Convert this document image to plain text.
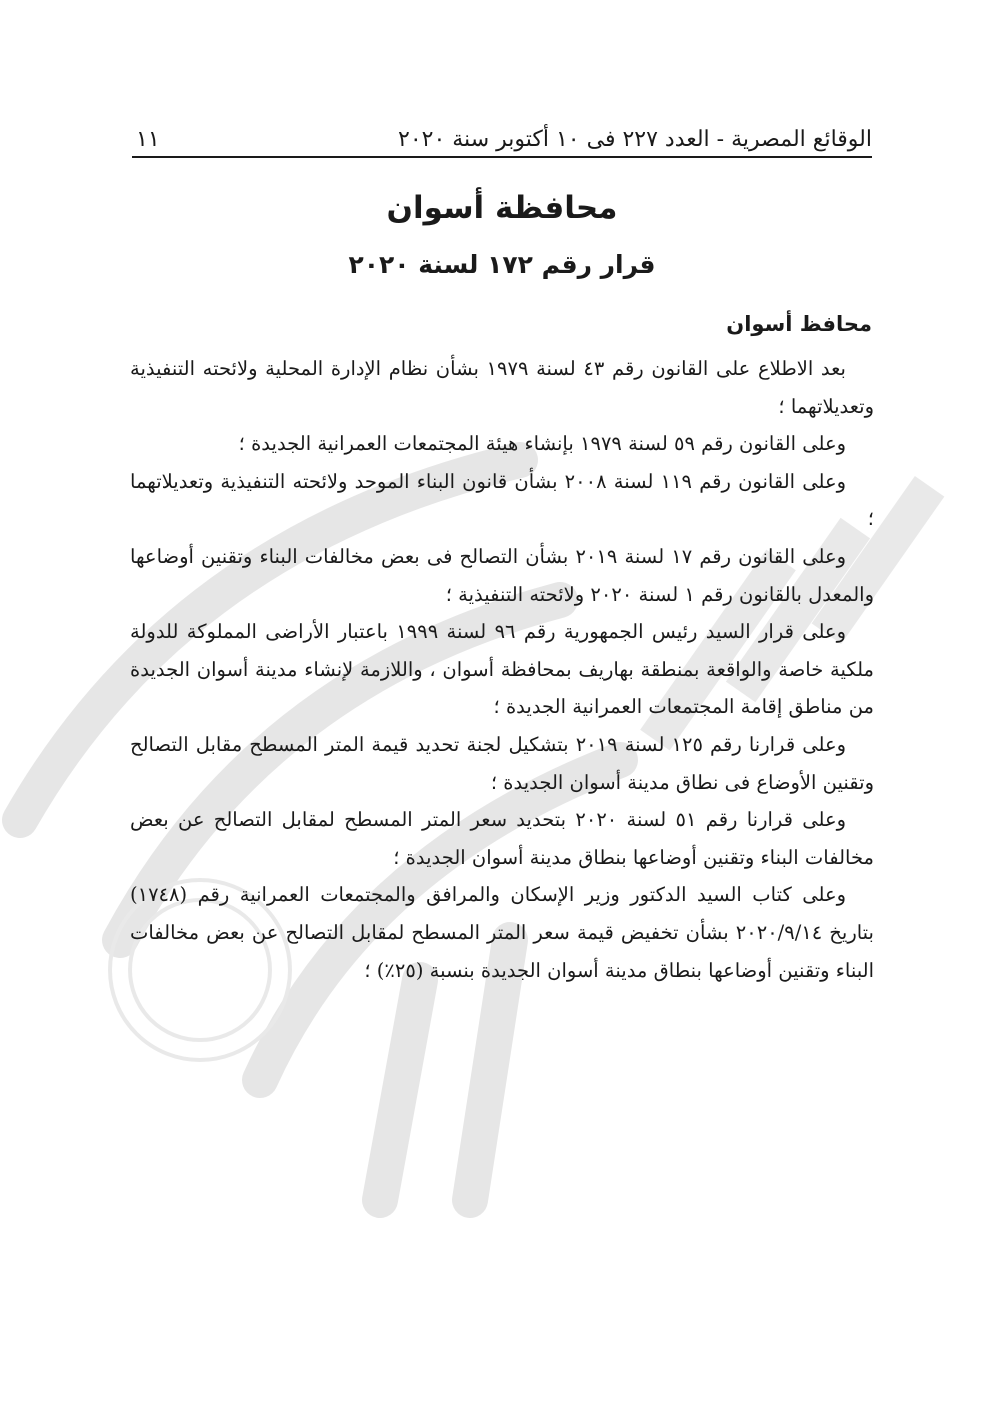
الوقائع المصرية - العدد ٢٢٧ فى ١٠ أكتوبر سنة ٢٠٢٠
١١
محافظة أسوان
قرار رقم ١٧٢ لسنة ٢٠٢٠
محافظ أسوان

بعد الاطلاع على القانون رقم ٤٣ لسنة ١٩٧٩ بشأن نظام الإدارة المحلية ولائحته التنفيذية وتعديلاتهما ؛

وعلى القانون رقم ٥٩ لسنة ١٩٧٩ بإنشاء هيئة المجتمعات العمرانية الجديدة ؛

وعلى القانون رقم ١١٩ لسنة ٢٠٠٨ بشأن قانون البناء الموحد ولائحته التنفيذية وتعديلاتهما ؛

وعلى القانون رقم ١٧ لسنة ٢٠١٩ بشأن التصالح فى بعض مخالفات البناء وتقنين أوضاعها والمعدل بالقانون رقم ١ لسنة ٢٠٢٠ ولائحته التنفيذية ؛

وعلى قرار السيد رئيس الجمهورية رقم ٩٦ لسنة ١٩٩٩ باعتبار الأراضى المملوكة للدولة ملكية خاصة والواقعة بمنطقة بهاريف بمحافظة أسوان ، واللازمة لإنشاء مدينة أسوان الجديدة من مناطق إقامة المجتمعات العمرانية الجديدة ؛

وعلى قرارنا رقم ١٢٥ لسنة ٢٠١٩ بتشكيل لجنة تحديد قيمة المتر المسطح مقابل التصالح وتقنين الأوضاع فى نطاق مدينة أسوان الجديدة ؛

وعلى قرارنا رقم ٥١ لسنة ٢٠٢٠ بتحديد سعر المتر المسطح لمقابل التصالح عن بعض مخالفات البناء وتقنين أوضاعها بنطاق مدينة أسوان الجديدة ؛

وعلى كتاب السيد الدكتور وزير الإسكان والمرافق والمجتمعات العمرانية رقم (١٧٤٨) بتاريخ ٢٠٢٠/٩/١٤ بشأن تخفيض قيمة سعر المتر المسطح لمقابل التصالح عن بعض مخالفات البناء وتقنين أوضاعها بنطاق مدينة أسوان الجديدة بنسبة (٢٥٪) ؛
